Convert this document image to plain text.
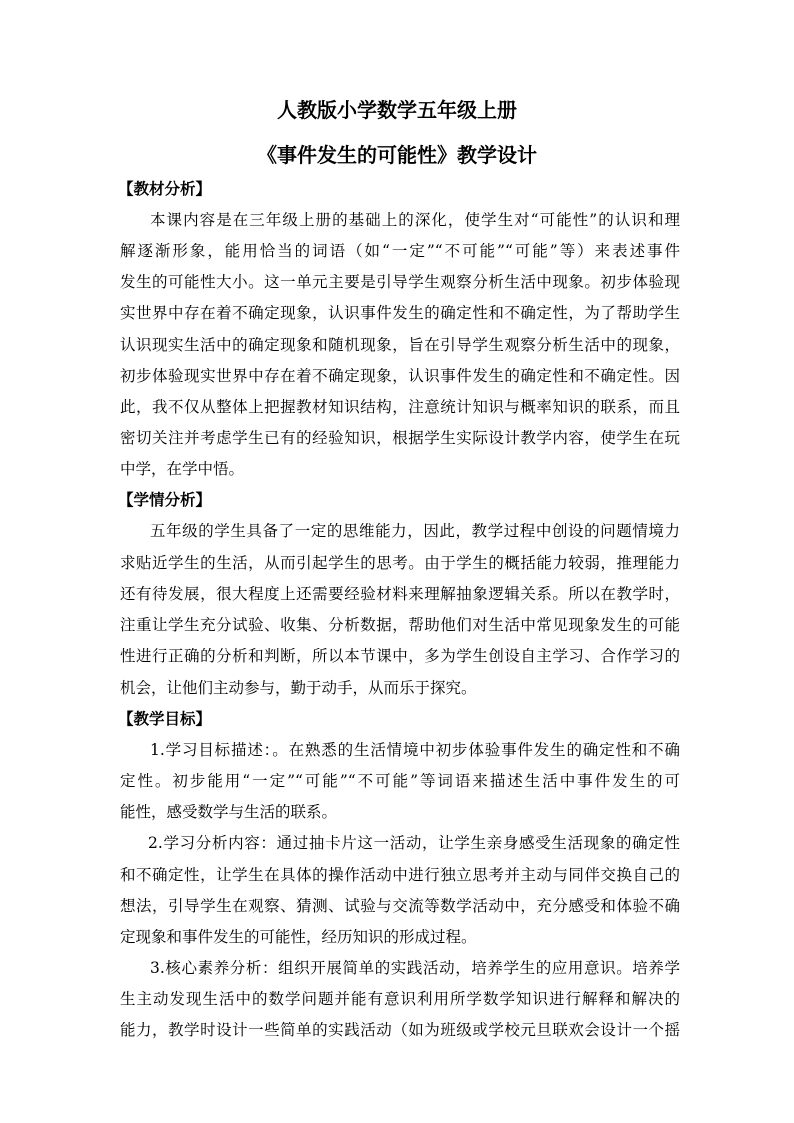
人教版小学数学五年级上册
《事件发生的可能性》教学设计
【教材分析】
本课内容是在三年级上册的基础上的深化，使学生对“可能性”的认识和理
解逐渐形象，能用恰当的词语（如“一定”“不可能”“可能”等）来表述事件
发生的可能性大小。这一单元主要是引导学生观察分析生活中现象。初步体验现
实世界中存在着不确定现象，认识事件发生的确定性和不确定性，为了帮助学生
认识现实生活中的确定现象和随机现象，旨在引导学生观察分析生活中的现象，
初步体验现实世界中存在着不确定现象，认识事件发生的确定性和不确定性。因
此，我不仅从整体上把握教材知识结构，注意统计知识与概率知识的联系，而且
密切关注并考虑学生已有的经验知识，根据学生实际设计教学内容，使学生在玩
中学，在学中悟。
【学情分析】
五年级的学生具备了一定的思维能力，因此，教学过程中创设的问题情境力
求贴近学生的生活，从而引起学生的思考。由于学生的概括能力较弱，推理能力
还有待发展，很大程度上还需要经验材料来理解抽象逻辑关系。所以在教学时，
注重让学生充分试验、收集、分析数据，帮助他们对生活中常见现象发生的可能
性进行正确的分析和判断，所以本节课中，多为学生创设自主学习、合作学习的
机会，让他们主动参与，勤于动手，从而乐于探究。
【教学目标】
1.学习目标描述：。在熟悉的生活情境中初步体验事件发生的确定性和不确
定性。初步能用“一定”“可能”“不可能”等词语来描述生活中事件发生的可
能性，感受数学与生活的联系。
2.学习分析内容：通过抽卡片这一活动，让学生亲身感受生活现象的确定性
和不确定性，让学生在具体的操作活动中进行独立思考并主动与同伴交换自己的
想法，引导学生在观察、猜测、试验与交流等数学活动中，充分感受和体验不确
定现象和事件发生的可能性，经历知识的形成过程。
3.核心素养分析：组织开展简单的实践活动，培养学生的应用意识。培养学
生主动发现生活中的数学问题并能有意识利用所学数学知识进行解释和解决的
能力，教学时设计一些简单的实践活动（如为班级或学校元旦联欢会设计一个摇
